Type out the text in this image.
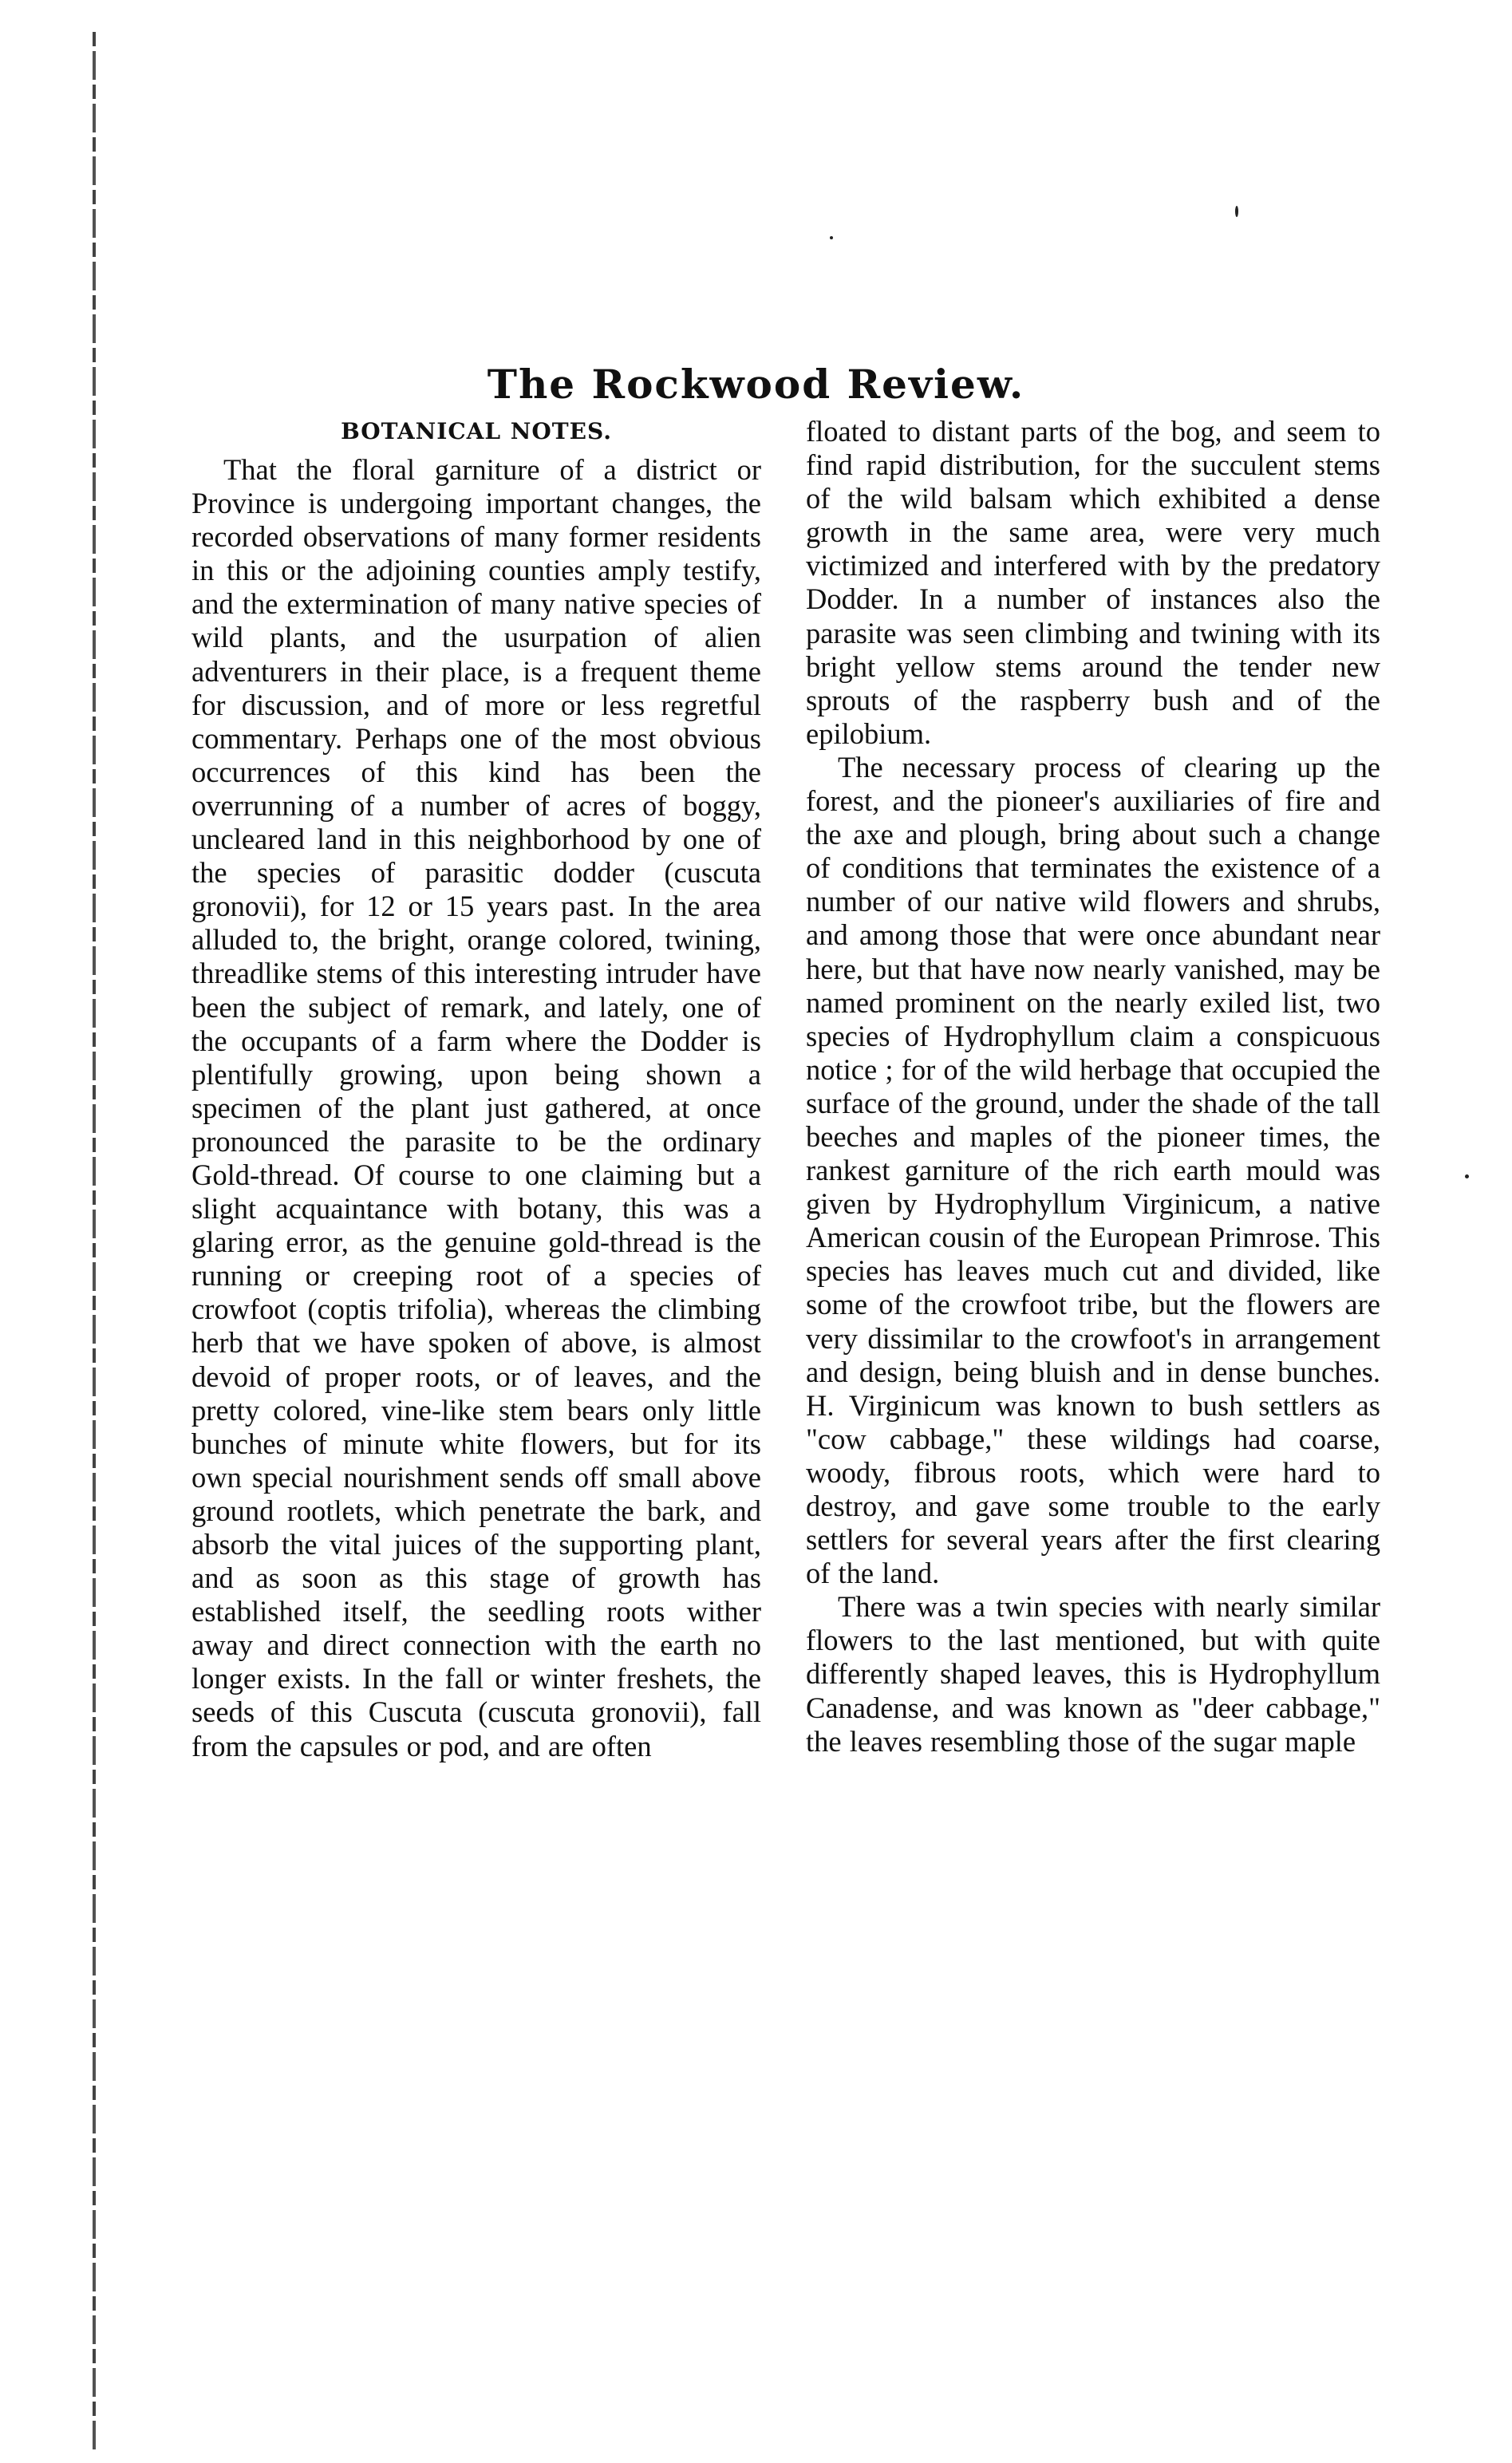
The Rockwood Review.
BOTANICAL NOTES.

That the floral garniture of a district or Province is undergoing important changes, the recorded observations of many former residents in this or the adjoining counties amply testify, and the extermination of many native species of wild plants, and the usurpation of alien adventurers in their place, is a frequent theme for discussion, and of more or less regretful commentary. Perhaps one of the most obvious occurrences of this kind has been the overrunning of a number of acres of boggy, uncleared land in this neighborhood by one of the species of parasitic dodder (cuscuta gronovii), for 12 or 15 years past. In the area alluded to, the bright, orange colored, twining, threadlike stems of this interesting intruder have been the subject of remark, and lately, one of the occupants of a farm where the Dodder is plentifully growing, upon being shown a specimen of the plant just gathered, at once pronounced the parasite to be the ordinary Gold-thread. Of course to one claiming but a slight acquaintance with botany, this was a glaring error, as the genuine gold-thread is the running or creeping root of a species of crowfoot (coptis trifolia), whereas the climbing herb that we have spoken of above, is almost devoid of proper roots, or of leaves, and the pretty colored, vine-like stem bears only little bunches of minute white flowers, but for its own special nourishment sends off small above ground rootlets, which penetrate the bark, and absorb the vital juices of the supporting plant, and as soon as this stage of growth has established itself, the seedling roots wither away and direct connection with the earth no longer exists. In the fall or winter freshets, the seeds of this Cuscuta (cuscuta gronovii), fall from the capsules or pod, and are often

floated to distant parts of the bog, and seem to find rapid distribution, for the succulent stems of the wild balsam which exhibited a dense growth in the same area, were very much victimized and interfered with by the predatory Dodder. In a number of instances also the parasite was seen climbing and twining with its bright yellow stems around the tender new sprouts of the raspberry bush and of the epilobium.

The necessary process of clearing up the forest, and the pioneer's auxiliaries of fire and the axe and plough, bring about such a change of conditions that terminates the existence of a number of our native wild flowers and shrubs, and among those that were once abundant near here, but that have now nearly vanished, may be named prominent on the nearly exiled list, two species of Hydrophyllum claim a conspicuous notice ; for of the wild herbage that occupied the surface of the ground, under the shade of the tall beeches and maples of the pioneer times, the rankest garniture of the rich earth mould was given by Hydrophyllum Virginicum, a native American cousin of the European Primrose. This species has leaves much cut and divided, like some of the crowfoot tribe, but the flowers are very dissimilar to the crowfoot's in arrangement and design, being bluish and in dense bunches. H. Virginicum was known to bush settlers as "cow cabbage," these wildings had coarse, woody, fibrous roots, which were hard to destroy, and gave some trouble to the early settlers for several years after the first clearing of the land.

There was a twin species with nearly similar flowers to the last mentioned, but with quite differently shaped leaves, this is Hydrophyllum Canadense, and was known as "deer cabbage," the leaves resembling those of the sugar maple
